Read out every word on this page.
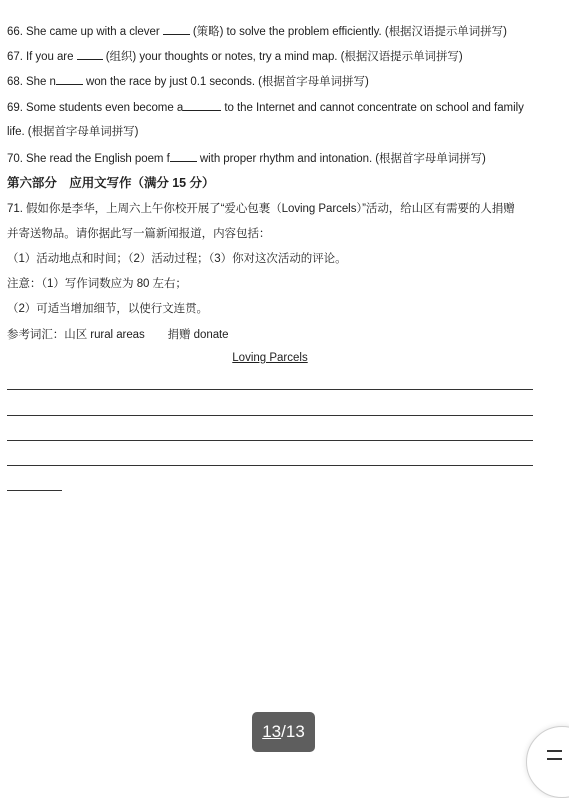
66. She came up with a clever  (策略) to solve the problem efficiently. (根据汉语提示单词拼写)
67. If you are  (组织) your thoughts or notes, try a mind map. (根据汉语提示单词拼写)
68. She n won the race by just 0.1 seconds. (根据首字母单词拼写)
69. Some students even become a	to the Internet and cannot concentrate on school and family
life. (根据首字母单词拼写)
70. She read the English poem f with proper rhythm and intonation. (根据首字母单词拼写)
第六部分　应用文写作（满分 15 分）
71. 假如你是李华，上周六上午你校开展了“爱心包裹（Loving Parcels）”活动，给山区有需要的人捐赠
并寄送物品。请你据此写一篇新闻报道，内容包括：
（1）活动地点和时间；（2）活动过程；（3）你对这次活动的评论。
注意：（1）写作词数应为 80 左右；
（2）可适当增加细节，以使行文连贯。
参考词汇：山区 rural areas　　捐赠 donate
Loving Parcels
13/13
